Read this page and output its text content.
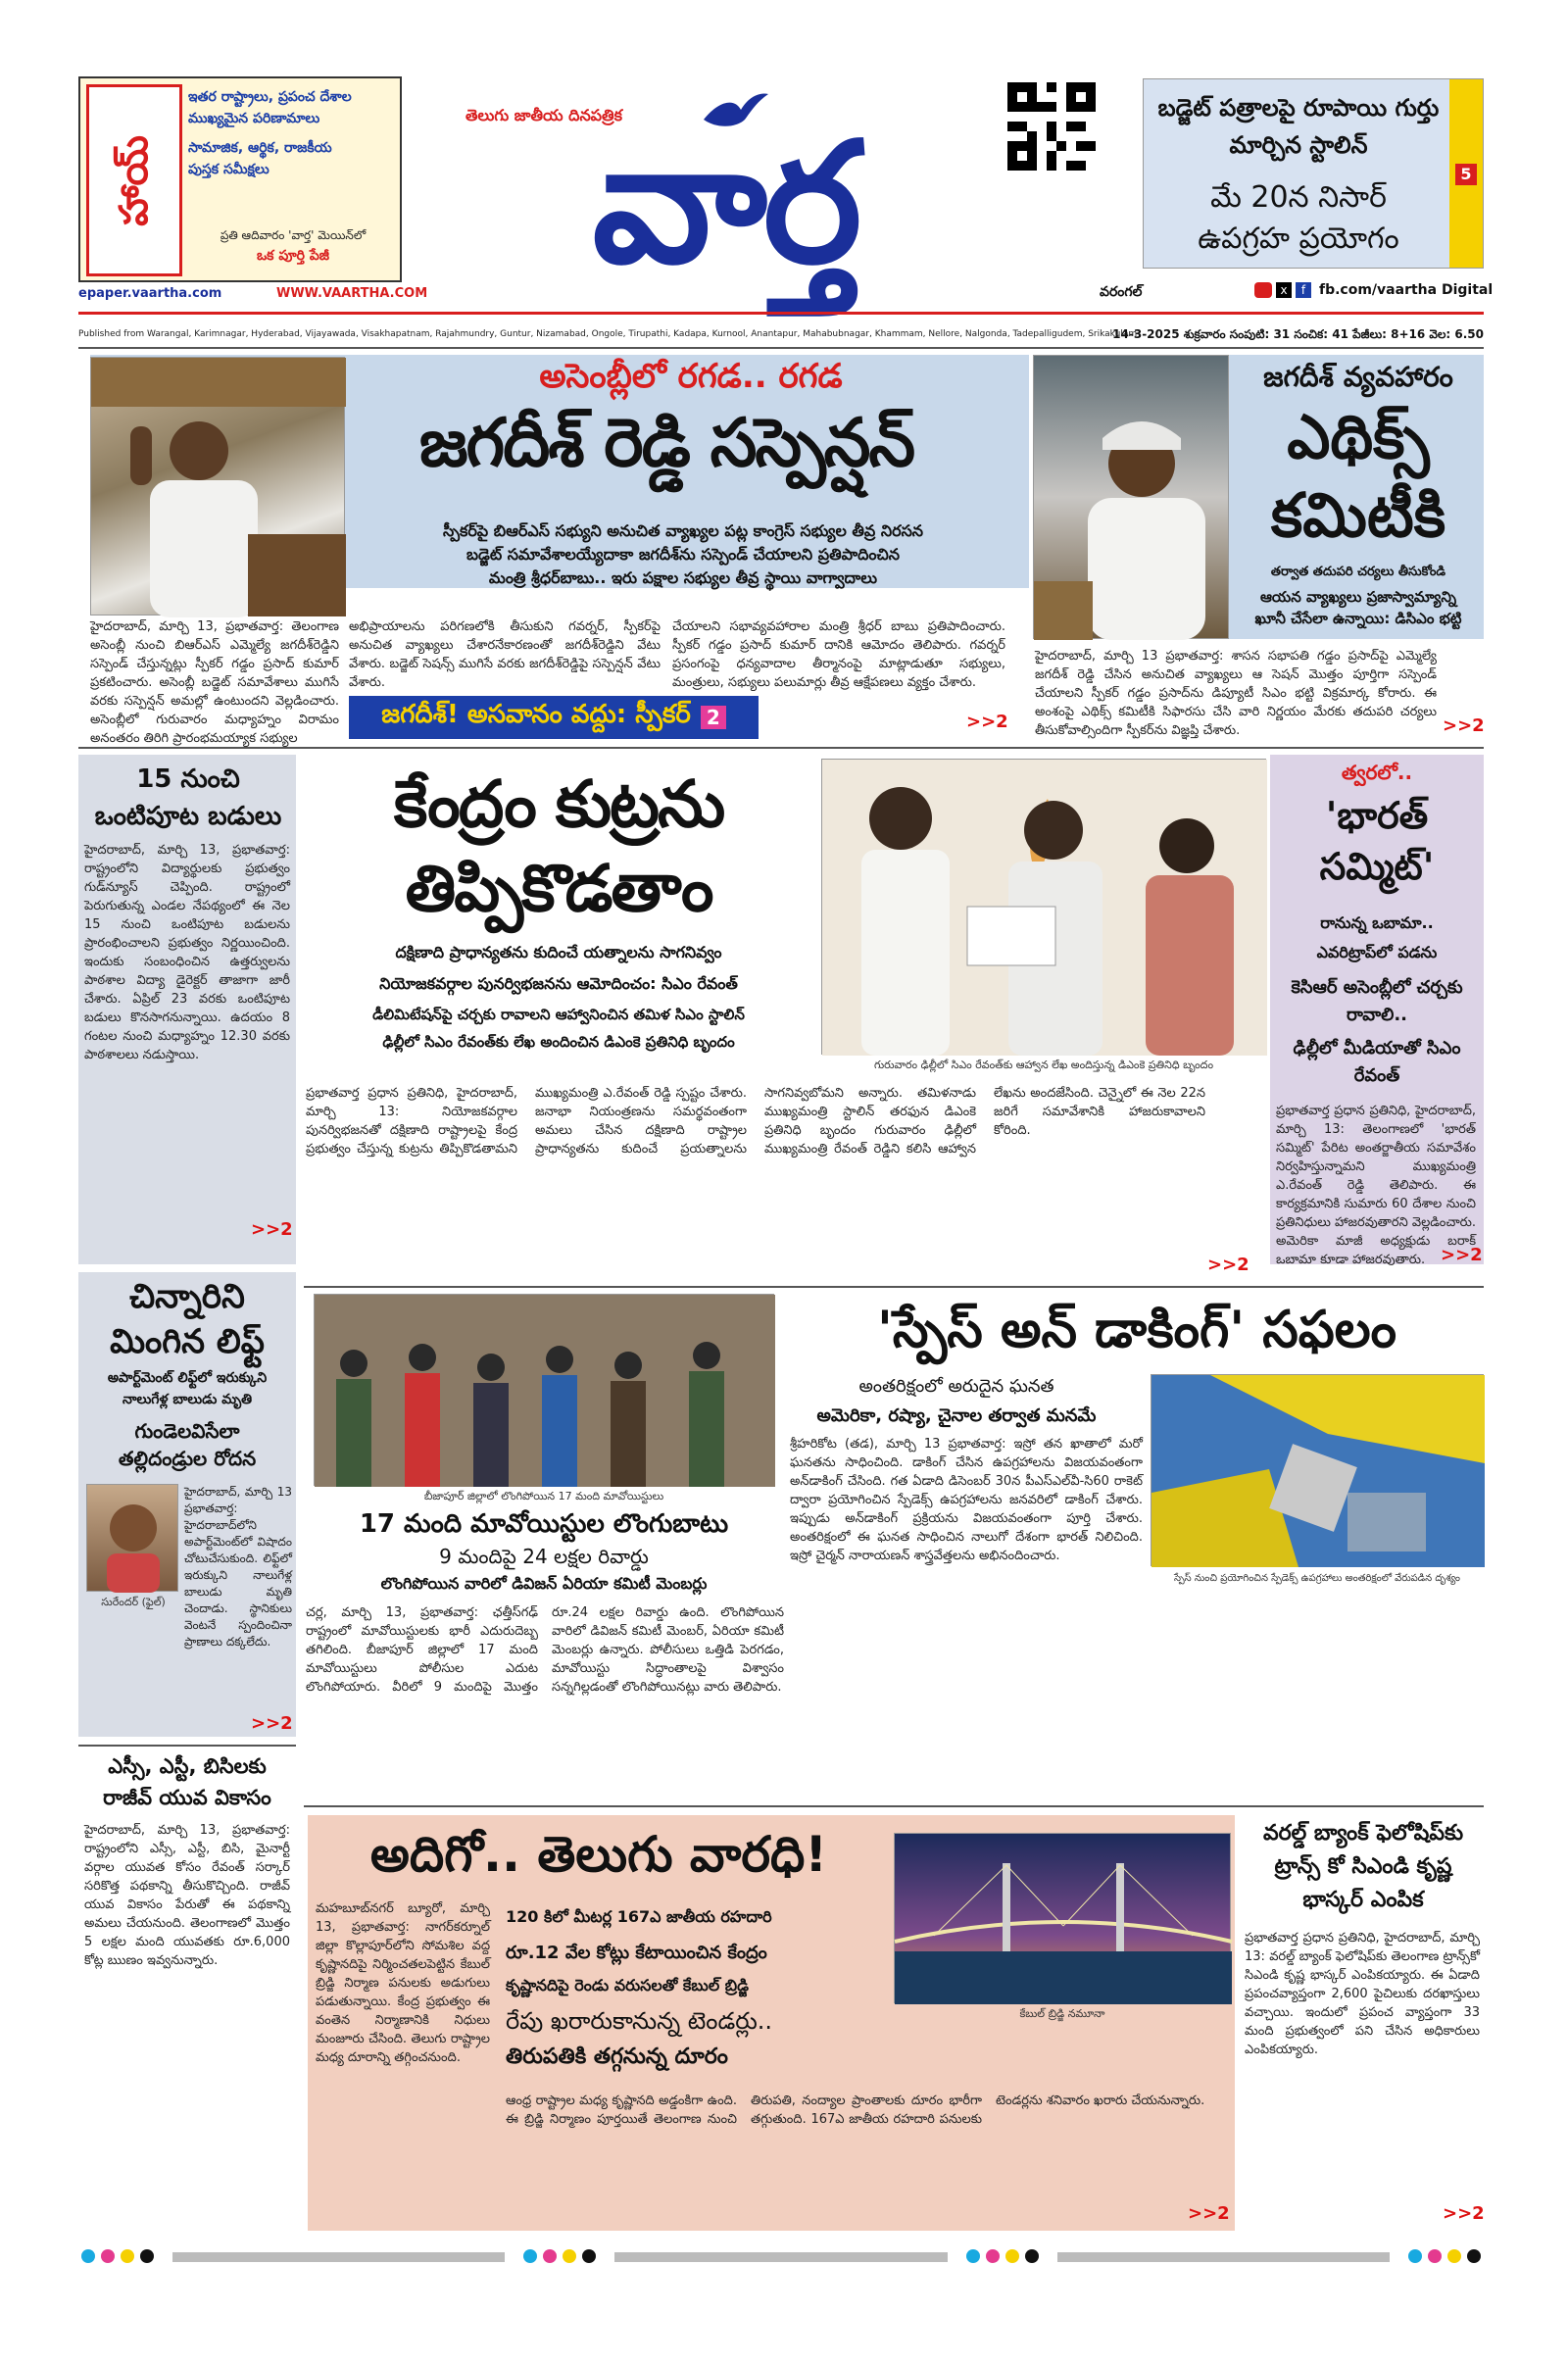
హాయ్‌
ఇతర రాష్ట్రాలు, ప్రపంచ దేశాల
ముఖ్యమైన పరిణామాలు
సామాజిక, ఆర్థిక, రాజకీయ
పుస్తక సమీక్షలు
ప్రతి ఆదివారం 'వార్త' మెయిన్‌లో
ఒక పూర్తి పేజీ
epaper.vaartha.com	WWW.VAARTHA.COM
తెలుగు జాతీయ దినపత్రిక
వార్త	బడ్జెట్‌ పత్రాలపై రూపాయి గుర్తు మార్చిన స్టాలిన్‌
5
మే 20న నిసార్‌
ఉపగ్రహ ప్రయోగం
వరంగల్‌	x	f fb.com/vaartha Digital
Published from Warangal, Karimnagar, Hyderabad, Vijayawada, Visakhapatnam, Rajahmundry, Guntur, Nizamabad, Ongole, Tirupathi, Kadapa, Kurnool, Anantapur, Mahabubnagar, Khammam, Nellore, Nalgonda, Tadepalligudem, Srikakulam
14-3-2025 శుక్రవారం సంపుటి: 31 సంచిక: 41 పేజీలు: 8+16 వెల: 6.50
అసెంబ్లీలో రగడ.. రగడ
జగదీశ్‌ రెడ్డి సస్పెన్షన్‌
స్పీకర్‌పై బిఆర్‌ఎస్‌ సభ్యుని అనుచిత వ్యాఖ్యల పట్ల కాంగ్రెస్‌ సభ్యుల తీవ్ర నిరసన
బడ్జెట్‌ సమావేశాలయ్యేదాకా జగదీశ్‌ను సస్పెండ్‌ చేయాలని ప్రతిపాదించిన
మంత్రి శ్రీధర్‌బాబు.. ఇరు పక్షాల సభ్యుల తీవ్ర స్థాయి వాగ్వాదాలు
హైదరాబాద్‌, మార్చి 13, ప్రభాతవార్త: తెలంగాణ అసెంబ్లీ నుంచి బిఆర్‌ఎస్‌ ఎమ్మెల్యే జగదీశ్‌రెడ్డిని సస్పెండ్‌ చేస్తున్నట్లు స్పీకర్‌ గడ్డం ప్రసాద్‌ కుమార్‌ ప్రకటించారు. అసెంబ్లీ బడ్జెట్‌ సమావేశాలు ముగిసే వరకు సస్పెన్షన్‌ అమల్లో ఉంటుందని వెల్లడించారు. అసెంబ్లీలో గురువారం మధ్యాహ్నం విరామం అనంతరం తిరిగి ప్రారంభమయ్యాక సభ్యుల
అభిప్రాయాలను పరిగణలోకి తీసుకుని గవర్నర్‌, స్పీకర్‌పై అనుచిత వ్యాఖ్యలు చేశారనేకారణంతో జగదీశ్‌రెడ్డిని వేటు వేశారు. బడ్జెట్‌ సెషన్స్‌ ముగిసే వరకు జగదీశ్‌రెడ్డిపై సస్పెన్షన్‌ వేటు వేశారు.
చేయాలని సభావ్యవహారాల మంత్రి శ్రీధర్‌ బాబు ప్రతిపాదించారు. స్పీకర్‌ గడ్డం ప్రసాద్‌ కుమార్‌ దానికి ఆమోదం తెలిపారు. గవర్నర్‌ ప్రసంగంపై ధన్యవాదాల తీర్మానంపై మాట్లాడుతూ సభ్యులు, మంత్రులు, సభ్యులు పలుమార్లు తీవ్ర ఆక్షేపణలు వ్యక్తం చేశారు.
జగదీశ్‌! అసవానం వద్దు: స్పీకర్‌ 2	>>2
జగదీశ్‌ వ్యవహారం
ఎథిక్స్‌
కమిటీకి
తర్వాత తదుపరి చర్యలు తీసుకోండి
ఆయన వ్యాఖ్యలు ప్రజాస్వామ్యాన్ని
ఖూనీ చేసేలా ఉన్నాయి: డిసిఎం భట్టి
హైదరాబాద్‌, మార్చి 13 ప్రభాతవార్త: శాసన సభాపతి గడ్డం ప్రసాద్‌పై ఎమ్మెల్యే జగదీశ్‌ రెడ్డి చేసిన అనుచిత వ్యాఖ్యలు ఆ సెషన్‌ మొత్తం పూర్తిగా సస్పెండ్‌ చేయాలని స్పీకర్‌ గడ్డం ప్రసాద్‌ను డిప్యూటీ సిఎం భట్టి విక్రమార్క కోరారు. ఈ అంశంపై ఎథిక్స్‌ కమిటీకి సిఫారసు చేసి వారి నిర్ణయం మేరకు తదుపరి చర్యలు తీసుకోవాల్సిందిగా స్పీకర్‌ను విజ్ఞప్తి చేశారు.	>>2
15 నుంచి ఒంటిపూట బడులు
హైదరాబాద్‌, మార్చి 13, ప్రభాతవార్త: రాష్ట్రంలోని విద్యార్థులకు ప్రభుత్వం గుడ్‌న్యూస్‌ చెప్పింది. రాష్ట్రంలో పెరుగుతున్న ఎండల నేపథ్యంలో ఈ నెల 15 నుంచి ఒంటిపూట బడులను ప్రారంభించాలని ప్రభుత్వం నిర్ణయించింది. ఇందుకు సంబంధించిన ఉత్తర్వులను పాఠశాల విద్యా డైరెక్టర్‌ తాజాగా జారీ చేశారు. ఏప్రిల్‌ 23 వరకు ఒంటిపూట బడులు కొనసాగనున్నాయి. ఉదయం 8 గంటల నుంచి మధ్యాహ్నం 12.30 వరకు పాఠశాలలు నడుస్తాయి.
>>2
చిన్నారిని మింగిన లిఫ్ట్‌
అపార్ట్‌మెంట్‌ లిఫ్ట్‌లో ఇరుక్కుని
నాలుగేళ్ల బాలుడు మృతి
గుండెలవిసేలా
తల్లిదండ్రుల రోదన
సురేందర్‌ (ఫైల్‌)
హైదరాబాద్‌, మార్చి 13 ప్రభాతవార్త: హైదరాబాద్‌లోని అపార్ట్‌మెంట్‌లో విషాదం చోటుచేసుకుంది. లిఫ్ట్‌లో ఇరుక్కుని నాలుగేళ్ల బాలుడు మృతి చెందాడు. స్థానికులు వెంటనే స్పందించినా ప్రాణాలు దక్కలేదు.
>>2
ఎస్సీ, ఎస్టీ, బిసిలకు రాజీవ్‌ యువ వికాసం
హైదరాబాద్‌, మార్చి 13, ప్రభాతవార్త: రాష్ట్రంలోని ఎస్సీ, ఎస్టీ, బిసి, మైనార్టీ వర్గాల యువత కోసం రేవంత్‌ సర్కార్‌ సరికొత్త పథకాన్ని తీసుకొచ్చింది. రాజీవ్‌ యువ వికాసం పేరుతో ఈ పథకాన్ని అమలు చేయనుంది. తెలంగాణలో మొత్తం 5 లక్షల మంది యువతకు రూ.6,000 కోట్ల ఋణం ఇవ్వనున్నారు.
కేంద్రం కుట్రను
తిప్పికొడతాం
దక్షిణాది ప్రాధాన్యతను కుదించే యత్నాలను సాగనివ్వం
నియోజకవర్గాల పునర్విభజనను ఆమోదించం: సిఎం రేవంత్‌
డీలిమిటేషన్‌పై చర్చకు రావాలని ఆహ్వానించిన తమిళ సిఎం స్టాలిన్‌
ఢిల్లీలో సిఎం రేవంత్‌కు లేఖ అందించిన డిఎంకె ప్రతినిధి బృందం
గురువారం ఢిల్లీలో సిఎం రేవంత్‌కు ఆహ్వాన లేఖ అందిస్తున్న డిఎంకె ప్రతినిధి బృందం
ప్రభాతవార్త ప్రధాన ప్రతినిధి, హైదరాబాద్‌, మార్చి 13: నియోజకవర్గాల పునర్విభజనతో దక్షిణాది రాష్ట్రాలపై కేంద్ర ప్రభుత్వం చేస్తున్న కుట్రను తిప్పికొడతామని ముఖ్యమంత్రి ఎ.రేవంత్‌ రెడ్డి స్పష్టం చేశారు. జనాభా నియంత్రణను సమర్థవంతంగా అమలు చేసిన దక్షిణాది రాష్ట్రాల ప్రాధాన్యతను కుదించే ప్రయత్నాలను సాగనివ్వబోమని అన్నారు. తమిళనాడు ముఖ్యమంత్రి స్టాలిన్‌ తరఫున డిఎంకె ప్రతినిధి బృందం గురువారం ఢిల్లీలో ముఖ్యమంత్రి రేవంత్‌ రెడ్డిని కలిసి ఆహ్వాన లేఖను అందజేసింది. చెన్నైలో ఈ నెల 22న జరిగే సమావేశానికి హాజరుకావాలని కోరింది.
>>2
త్వరలో..
'భారత్‌ సమ్మిట్‌'
రానున్న ఒబామా..
ఎవరిట్రాప్‌లో పడను
కెసిఆర్‌ అసెంబ్లీలో చర్చకు రావాలి..
ఢిల్లీలో మీడియాతో సిఎం రేవంత్‌
ప్రభాతవార్త ప్రధాన ప్రతినిధి, హైదరాబాద్‌, మార్చి 13: తెలంగాణలో 'భారత్‌ సమ్మిట్‌' పేరిట అంతర్జాతీయ సమావేశం నిర్వహిస్తున్నామని ముఖ్యమంత్రి ఎ.రేవంత్‌ రెడ్డి తెలిపారు. ఈ కార్యక్రమానికి సుమారు 60 దేశాల నుంచి ప్రతినిధులు హాజరవుతారని వెల్లడించారు. అమెరికా మాజీ అధ్యక్షుడు బరాక్‌ ఒబామా కూడా హాజరవుతారు. >>2
బీజాపూర్‌ జిల్లాలో లొంగిపోయిన 17 మంది మావోయిస్టులు
17 మంది మావోయిస్టుల లొంగుబాటు
9 మందిపై 24 లక్షల రివార్డు
లొంగిపోయిన వారిలో డివిజన్‌ ఏరియా కమిటీ మెంబర్లు
చర్ల, మార్చి 13, ప్రభాతవార్త: ఛత్తీస్‌గఢ్‌ రాష్ట్రంలో మావోయిస్టులకు భారీ ఎదురుదెబ్బ తగిలింది. బీజాపూర్‌ జిల్లాలో 17 మంది మావోయిస్టులు పోలీసుల ఎదుట లొంగిపోయారు. వీరిలో 9 మందిపై మొత్తం రూ.24 లక్షల రివార్డు ఉంది. లొంగిపోయిన వారిలో డివిజన్‌ కమిటీ మెంబర్‌, ఏరియా కమిటీ మెంబర్లు ఉన్నారు. పోలీసులు ఒత్తిడి పెరగడం, మావోయిస్టు సిద్ధాంతాలపై విశ్వాసం సన్నగిల్లడంతో లొంగిపోయినట్లు వారు తెలిపారు.
'స్పేస్‌ అన్‌ డాకింగ్‌' సఫలం
అంతరిక్షంలో అరుదైన ఘనత
అమెరికా, రష్యా, చైనాల తర్వాత మనమే
స్పేస్‌ నుంచి ప్రయోగించిన స్పేడెక్స్‌ ఉపగ్రహాలు అంతరిక్షంలో వేరుపడిన దృశ్యం
శ్రీహరికోట (తడ), మార్చి 13 ప్రభాతవార్త: ఇస్రో తన ఖాతాలో మరో ఘనతను సాధించింది. డాకింగ్‌ చేసిన ఉపగ్రహాలను విజయవంతంగా అన్‌డాకింగ్‌ చేసింది. గత ఏడాది డిసెంబర్‌ 30న పీఎస్‌ఎల్‌వీ-సి60 రాకెట్‌ ద్వారా ప్రయోగించిన స్పేడెక్స్‌ ఉపగ్రహాలను జనవరిలో డాకింగ్‌ చేశారు. ఇప్పుడు అన్‌డాకింగ్‌ ప్రక్రియను విజయవంతంగా పూర్తి చేశారు. అంతరిక్షంలో ఈ ఘనత సాధించిన నాలుగో దేశంగా భారత్‌ నిలిచింది. ఇస్రో చైర్మన్‌ నారాయణన్‌ శాస్త్రవేత్తలను అభినందించారు.
అదిగో.. తెలుగు వారధి!
మహబూబ్‌నగర్‌ బ్యూరో, మార్చి 13, ప్రభాతవార్త: నాగర్‌కర్నూల్‌ జిల్లా కొల్లాపూర్‌లోని సోమశిల వద్ద కృష్ణానదిపై నిర్మించతలపెట్టిన కేబుల్‌ బ్రిడ్జి నిర్మాణ పనులకు అడుగులు పడుతున్నాయి. కేంద్ర ప్రభుత్వం ఈ వంతెన నిర్మాణానికి నిధులు మంజూరు చేసింది. తెలుగు రాష్ట్రాల మధ్య దూరాన్ని తగ్గించనుంది.
120 కిలో మీటర్ల 167ఎ జాతీయ రహదారి
రూ.12 వేల కోట్లు కేటాయించిన కేంద్రం
కృష్ణానదిపై రెండు వరుసలతో కేబుల్‌ బ్రిడ్జి
రేపు ఖరారుకానున్న టెండర్లు..
తిరుపతికి తగ్గనున్న దూరం
కేబుల్‌ బ్రిడ్జి నమూనా
ఆంధ్ర రాష్ట్రాల మధ్య కృష్ణానది అడ్డంకిగా ఉంది. ఈ బ్రిడ్జి నిర్మాణం పూర్తయితే తెలంగాణ నుంచి తిరుపతి, నంద్యాల ప్రాంతాలకు దూరం భారీగా తగ్గుతుంది. 167ఎ జాతీయ రహదారి పనులకు టెండర్లను శనివారం ఖరారు చేయనున్నారు.
>>2
వరల్డ్‌ బ్యాంక్‌ ఫెలోషిప్‌కు ట్రాన్స్‌ కో సిఎండి కృష్ణ భాస్కర్‌ ఎంపిక
ప్రభాతవార్త ప్రధాన ప్రతినిధి, హైదరాబాద్‌, మార్చి 13: వరల్డ్‌ బ్యాంక్‌ ఫెలోషిప్‌కు తెలంగాణ ట్రాన్స్‌కో సిఎండి కృష్ణ భాస్కర్‌ ఎంపికయ్యారు. ఈ ఏడాది ప్రపంచవ్యాప్తంగా 2,600 పైచిలుకు దరఖాస్తులు వచ్చాయి. ఇందులో ప్రపంచ వ్యాప్తంగా 33 మంది ప్రభుత్వంలో పని చేసిన అధికారులు ఎంపికయ్యారు.
>>2
